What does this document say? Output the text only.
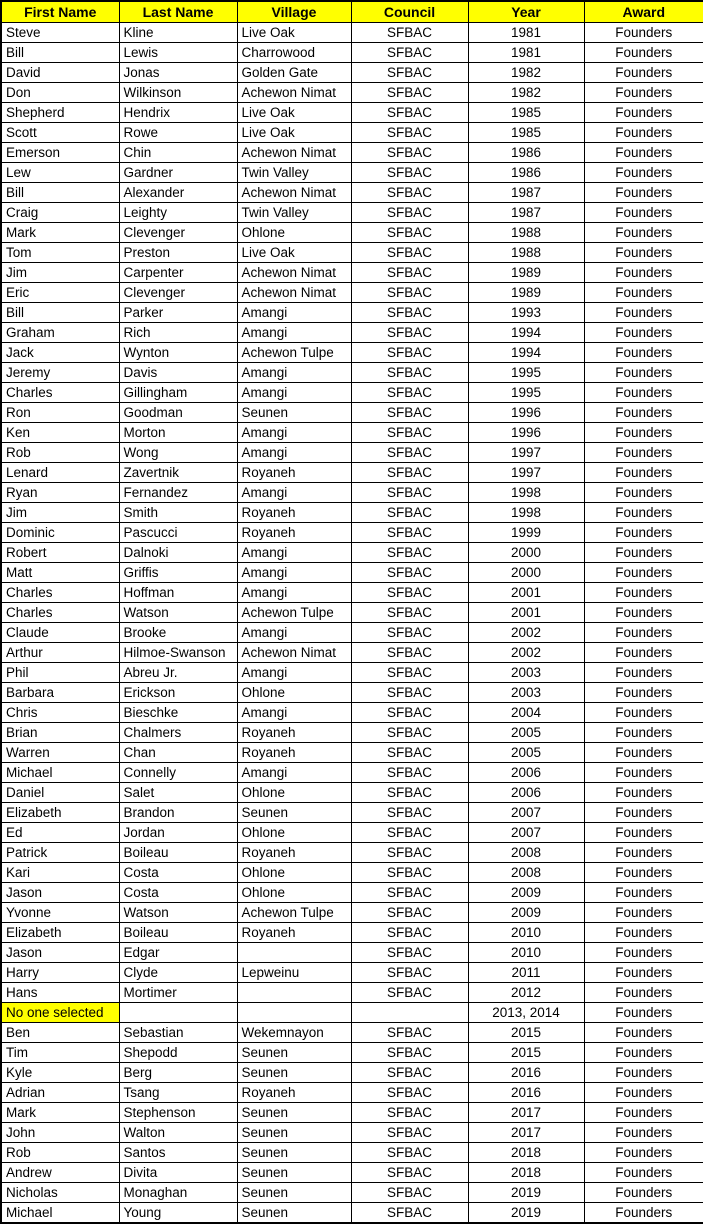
First Name	Last Name	Village	Council	Year	Award
Steve	Kline	Live Oak	SFBAC	1981	Founders
Bill	Lewis	Charrowood	SFBAC	1981	Founders
David	Jonas	Golden Gate	SFBAC	1982	Founders
Don	Wilkinson	Achewon Nimat	SFBAC	1982	Founders
Shepherd	Hendrix	Live Oak	SFBAC	1985	Founders
Scott	Rowe	Live Oak	SFBAC	1985	Founders
Emerson	Chin	Achewon Nimat	SFBAC	1986	Founders
Lew	Gardner	Twin Valley	SFBAC	1986	Founders
Bill	Alexander	Achewon Nimat	SFBAC	1987	Founders
Craig	Leighty	Twin Valley	SFBAC	1987	Founders
Mark	Clevenger	Ohlone	SFBAC	1988	Founders
Tom	Preston	Live Oak	SFBAC	1988	Founders
Jim	Carpenter	Achewon Nimat	SFBAC	1989	Founders
Eric	Clevenger	Achewon Nimat	SFBAC	1989	Founders
Bill	Parker	Amangi	SFBAC	1993	Founders
Graham	Rich	Amangi	SFBAC	1994	Founders
Jack	Wynton	Achewon Tulpe	SFBAC	1994	Founders
Jeremy	Davis	Amangi	SFBAC	1995	Founders
Charles	Gillingham	Amangi	SFBAC	1995	Founders
Ron	Goodman	Seunen	SFBAC	1996	Founders
Ken	Morton	Amangi	SFBAC	1996	Founders
Rob	Wong	Amangi	SFBAC	1997	Founders
Lenard	Zavertnik	Royaneh	SFBAC	1997	Founders
Ryan	Fernandez	Amangi	SFBAC	1998	Founders
Jim	Smith	Royaneh	SFBAC	1998	Founders
Dominic	Pascucci	Royaneh	SFBAC	1999	Founders
Robert	Dalnoki	Amangi	SFBAC	2000	Founders
Matt	Griffis	Amangi	SFBAC	2000	Founders
Charles	Hoffman	Amangi	SFBAC	2001	Founders
Charles	Watson	Achewon Tulpe	SFBAC	2001	Founders
Claude	Brooke	Amangi	SFBAC	2002	Founders
Arthur	Hilmoe-Swanson	Achewon Nimat	SFBAC	2002	Founders
Phil	Abreu Jr.	Amangi	SFBAC	2003	Founders
Barbara	Erickson	Ohlone	SFBAC	2003	Founders
Chris	Bieschke	Amangi	SFBAC	2004	Founders
Brian	Chalmers	Royaneh	SFBAC	2005	Founders
Warren	Chan	Royaneh	SFBAC	2005	Founders
Michael	Connelly	Amangi	SFBAC	2006	Founders
Daniel	Salet	Ohlone	SFBAC	2006	Founders
Elizabeth	Brandon	Seunen	SFBAC	2007	Founders
Ed	Jordan	Ohlone	SFBAC	2007	Founders
Patrick	Boileau	Royaneh	SFBAC	2008	Founders
Kari	Costa	Ohlone	SFBAC	2008	Founders
Jason	Costa	Ohlone	SFBAC	2009	Founders
Yvonne	Watson	Achewon Tulpe	SFBAC	2009	Founders
Elizabeth	Boileau	Royaneh	SFBAC	2010	Founders
Jason	Edgar		SFBAC	2010	Founders
Harry	Clyde	Lepweinu	SFBAC	2011	Founders
Hans	Mortimer		SFBAC	2012	Founders
No one selected				2013, 2014	Founders
Ben	Sebastian	Wekemnayon	SFBAC	2015	Founders
Tim	Shepodd	Seunen	SFBAC	2015	Founders
Kyle	Berg	Seunen	SFBAC	2016	Founders
Adrian	Tsang	Royaneh	SFBAC	2016	Founders
Mark	Stephenson	Seunen	SFBAC	2017	Founders
John	Walton	Seunen	SFBAC	2017	Founders
Rob	Santos	Seunen	SFBAC	2018	Founders
Andrew	Divita	Seunen	SFBAC	2018	Founders
Nicholas	Monaghan	Seunen	SFBAC	2019	Founders
Michael	Young	Seunen	SFBAC	2019	Founders
